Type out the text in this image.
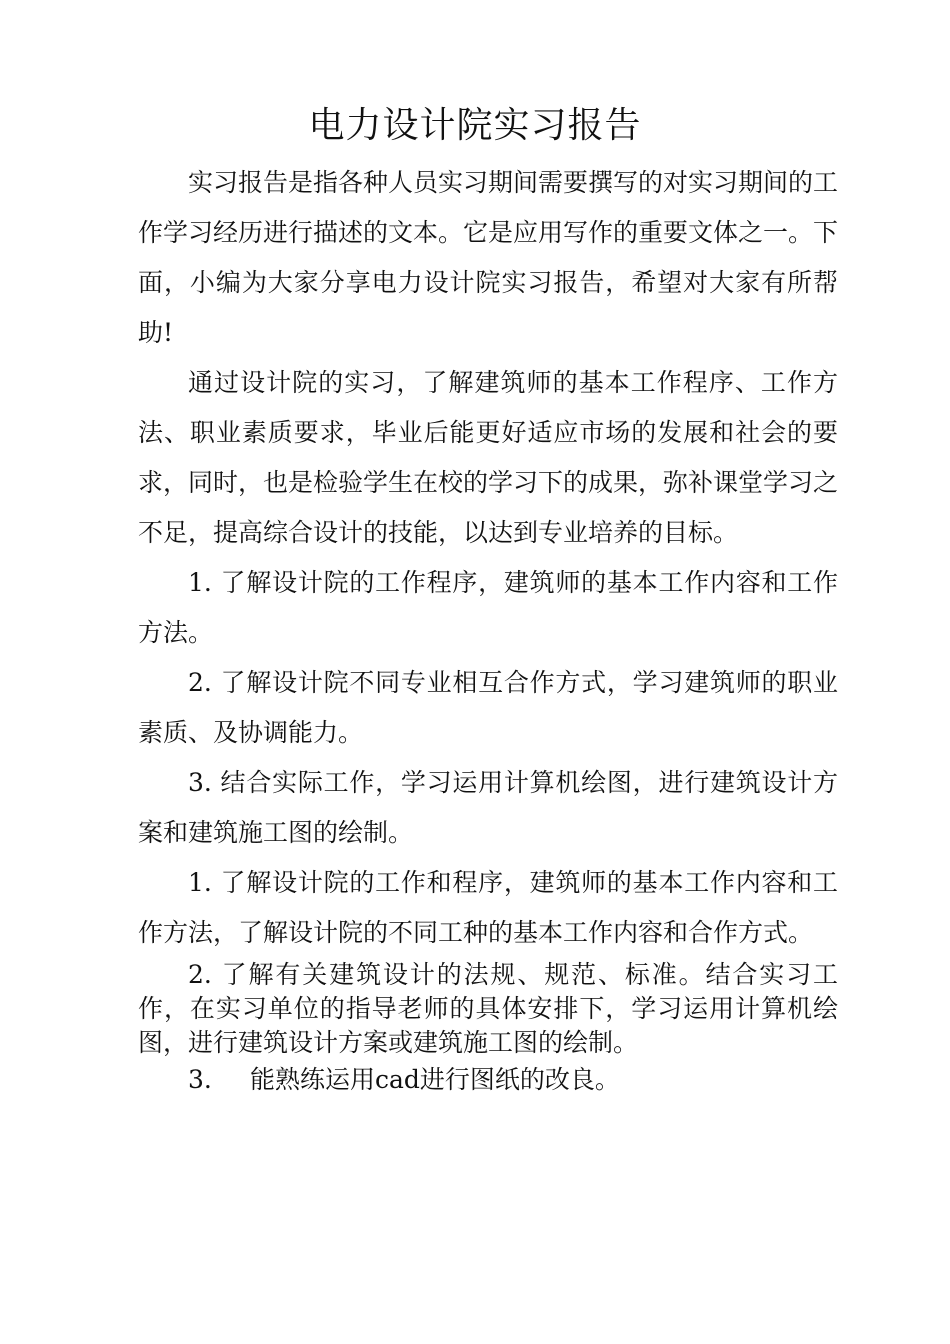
电力设计院实习报告

实习报告是指各种人员实习期间需要撰写的对实习期间的工作学习经历进行描述的文本。它是应用写作的重要文体之一。下面，小编为大家分享电力设计院实习报告，希望对大家有所帮助!

通过设计院的实习，了解建筑师的基本工作程序、工作方法、职业素质要求，毕业后能更好适应市场的发展和社会的要求，同时，也是检验学生在校的学习下的成果，弥补课堂学习之不足，提高综合设计的技能，以达到专业培养的目标。

1. 了解设计院的工作程序，建筑师的基本工作内容和工作方法。

2. 了解设计院不同专业相互合作方式，学习建筑师的职业素质、及协调能力。

3. 结合实际工作，学习运用计算机绘图，进行建筑设计方案和建筑施工图的绘制。

1. 了解设计院的工作和程序，建筑师的基本工作内容和工作方法，了解设计院的不同工种的基本工作内容和合作方式。

2. 了解有关建筑设计的法规、规范、标准。结合实习工作，在实习单位的指导老师的具体安排下，学习运用计算机绘图，进行建筑设计方案或建筑施工图的绘制。

3.	能熟练运用cad进行图纸的改良。
